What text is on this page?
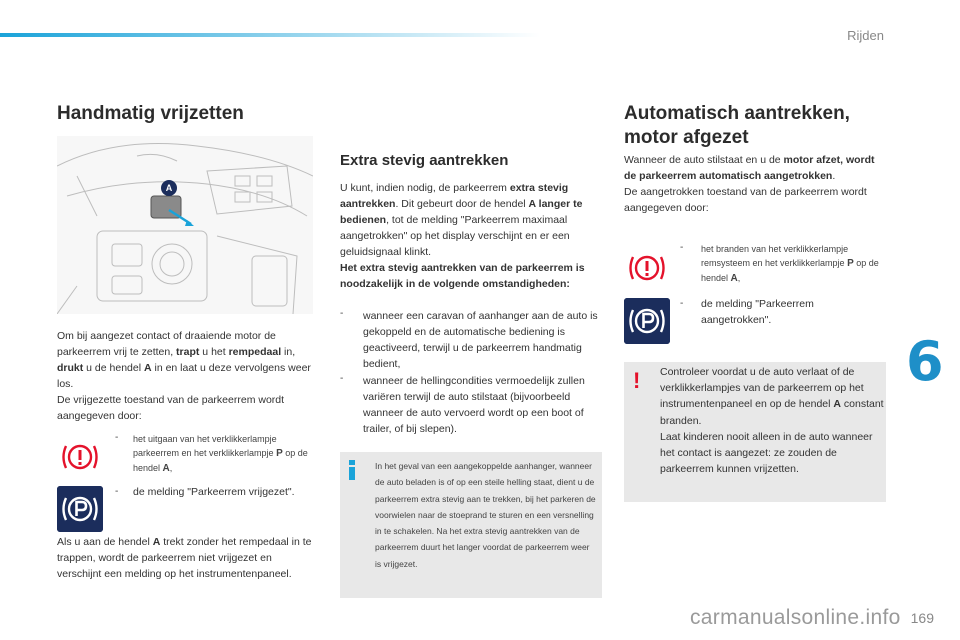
Rijden
Handmatig vrijzetten
A
Om bij aangezet contact of draaiende motor de parkeerrem vrij te zetten, trapt u het rempedaal in, drukt u de hendel A in en laat u deze vervolgens weer los.
De vrijgezette toestand van de parkeerrem wordt aangegeven door:
- het uitgaan van het verklikkerlampje parkeerrem en het verklikkerlampje P op de hendel A,
- de melding "Parkeerrem vrijgezet".
Als u aan de hendel A trekt zonder het rempedaal in te trappen, wordt de parkeerrem niet vrijgezet en verschijnt een melding op het instrumentenpaneel.
Extra stevig aantrekken
U kunt, indien nodig, de parkeerrem extra stevig aantrekken. Dit gebeurt door de hendel A langer te bedienen, tot de melding "Parkeerrem maximaal aangetrokken" op het display verschijnt en er een geluidsignaal klinkt.
Het extra stevig aantrekken van de parkeerrem is noodzakelijk in de volgende omstandigheden:
- wanneer een caravan of aanhanger aan de auto is gekoppeld en de automatische bediening is geactiveerd, terwijl u de parkeerrem handmatig bedient,
- wanneer de hellingcondities vermoedelijk zullen variëren terwijl de auto stilstaat (bijvoorbeeld wanneer de auto vervoerd wordt op een boot of trailer, of bij slepen).
In het geval van een aangekoppelde aanhanger, wanneer de auto beladen is of op een steile helling staat, dient u de parkeerrem extra stevig aan te trekken, bij het parkeren de voorwielen naar de stoeprand te sturen en een versnelling in te schakelen. Na het extra stevig aantrekken van de parkeerrem duurt het langer voordat de parkeerrem weer is vrijgezet.
Automatisch aantrekken,
motor afgezet
Wanneer de auto stilstaat en u de motor afzet, wordt de parkeerrem automatisch aangetrokken.
De aangetrokken toestand van de parkeerrem wordt aangegeven door:
- het branden van het verklikkerlampje remsysteem en het verklikkerlampje P op de hendel A,
- de melding "Parkeerrem aangetrokken".
! Controleer voordat u de auto verlaat of de verklikkerlampjes van de parkeerrem op het instrumentenpaneel en op de hendel A constant branden.
Laat kinderen nooit alleen in de auto wanneer het contact is aangezet: ze zouden de parkeerrem kunnen vrijzetten.
6
carmanualsonline.info 169
